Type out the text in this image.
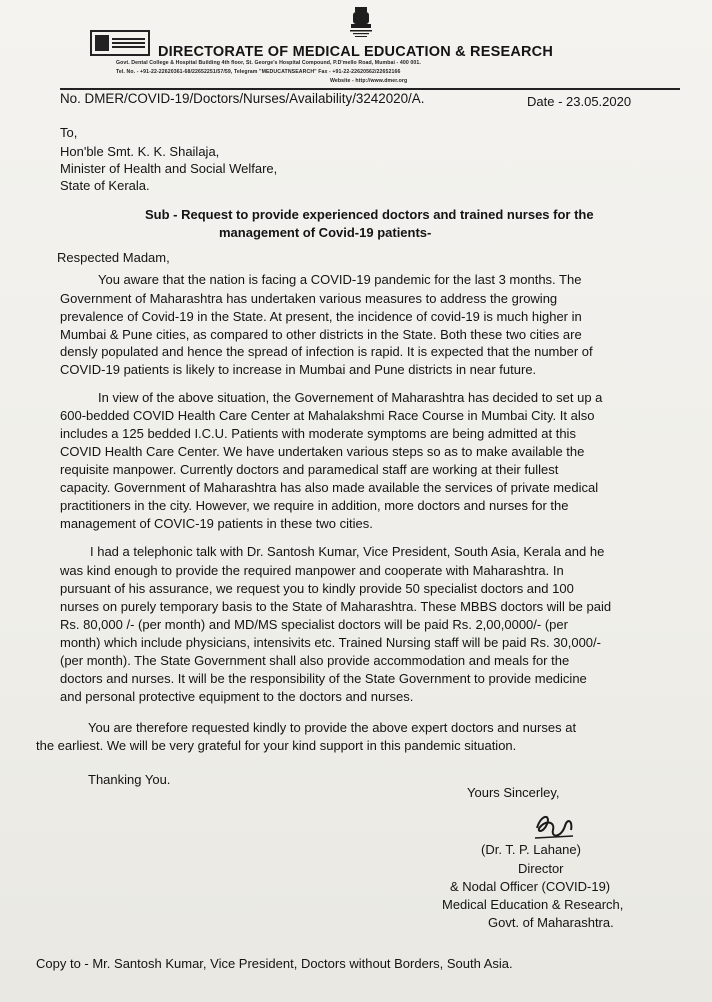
DIRECTORATE OF MEDICAL EDUCATION & RESEARCH
Govt. Dental College & Hospital Building 4th floor, St. George's Hospital Compound, P.D'mello Road, Mumbai - 400 001.
Tel. No. - +91-22-22620361-68/22652251/57/59, Telegram "MEDUCATNSEARCH" Fax - +91-22-22620562/22652166
Website - http://www.dmer.org
No. DMER/COVID-19/Doctors/Nurses/Availability/3242020/A.	Date - 23.05.2020
To,
Hon'ble Smt. K. K. Shailaja,
Minister of Health and Social Welfare,
State of Kerala.
Sub - Request to provide experienced doctors and trained nurses for the
management of Covid-19 patients-
Respected Madam,
You aware that the nation is facing a COVID-19 pandemic for the last 3 months. The
Government of Maharashtra has undertaken various measures to address the growing
prevalence of Covid-19 in the State. At present, the incidence of covid-19 is much higher in
Mumbai & Pune cities, as compared to other districts in the State. Both these two cities are
densly populated and hence the spread of infection is rapid. It is expected that the number of
COVID-19 patients is likely to increase in Mumbai and Pune districts in near future.
In view of the above situation, the Governement of Maharashtra has decided to set up a
600-bedded COVID Health Care Center at Mahalakshmi Race Course in Mumbai City. It also
includes a 125 bedded I.C.U. Patients with moderate symptoms are being admitted at this
COVID Health Care Center. We have undertaken various steps so as to make available the
requisite manpower. Currently doctors and paramedical staff are working at their fullest
capacity. Government of Maharashtra has also made available the services of private medical
practitioners in the city. However, we require in addition, more doctors and nurses for the
management of COVIC-19 patients in these two cities.
I had a telephonic talk with Dr. Santosh Kumar, Vice President, South Asia, Kerala and he
was kind enough to provide the required manpower and cooperate with Maharashtra. In
pursuant of his assurance, we request you to kindly provide 50 specialist doctors and 100
nurses on purely temporary basis to the State of Maharashtra. These MBBS doctors will be paid
Rs. 80,000 /- (per month) and MD/MS specialist doctors will be paid Rs. 2,00,0000/- (per
month) which include physicians, intensivits etc. Trained Nursing staff will be paid Rs. 30,000/-
(per month). The State Government shall also provide accommodation and meals for the
doctors and nurses. It will be the responsibility of the State Government to provide medicine
and personal protective equipment to the doctors and nurses.
You are therefore requested kindly to provide the above expert doctors and nurses at
the earliest. We will be very grateful for your kind support in this pandemic situation.
Thanking You.
Yours Sincerley,
(Dr. T. P. Lahane)
Director
& Nodal Officer (COVID-19)
Medical Education & Research,
Govt. of Maharashtra.
Copy to - Mr. Santosh Kumar, Vice President, Doctors without Borders, South Asia.
